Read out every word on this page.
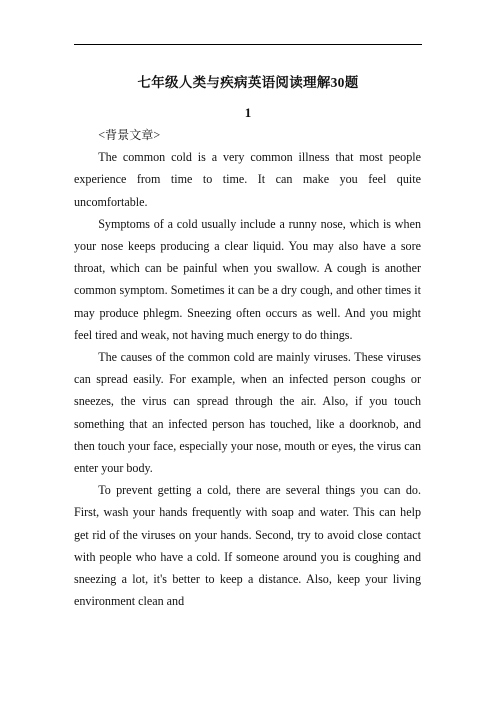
七年级人类与疾病英语阅读理解30题
1

<背景文章>

The common cold is a very common illness that most people experience from time to time. It can make you feel quite uncomfortable.

Symptoms of a cold usually include a runny nose, which is when your nose keeps producing a clear liquid. You may also have a sore throat, which can be painful when you swallow. A cough is another common symptom. Sometimes it can be a dry cough, and other times it may produce phlegm. Sneezing often occurs as well. And you might feel tired and weak, not having much energy to do things.

The causes of the common cold are mainly viruses. These viruses can spread easily. For example, when an infected person coughs or sneezes, the virus can spread through the air. Also, if you touch something that an infected person has touched, like a doorknob, and then touch your face, especially your nose, mouth or eyes, the virus can enter your body.

To prevent getting a cold, there are several things you can do. First, wash your hands frequently with soap and water. This can help get rid of the viruses on your hands. Second, try to avoid close contact with people who have a cold. If someone around you is coughing and sneezing a lot, it's better to keep a distance. Also, keep your living environment clean and
